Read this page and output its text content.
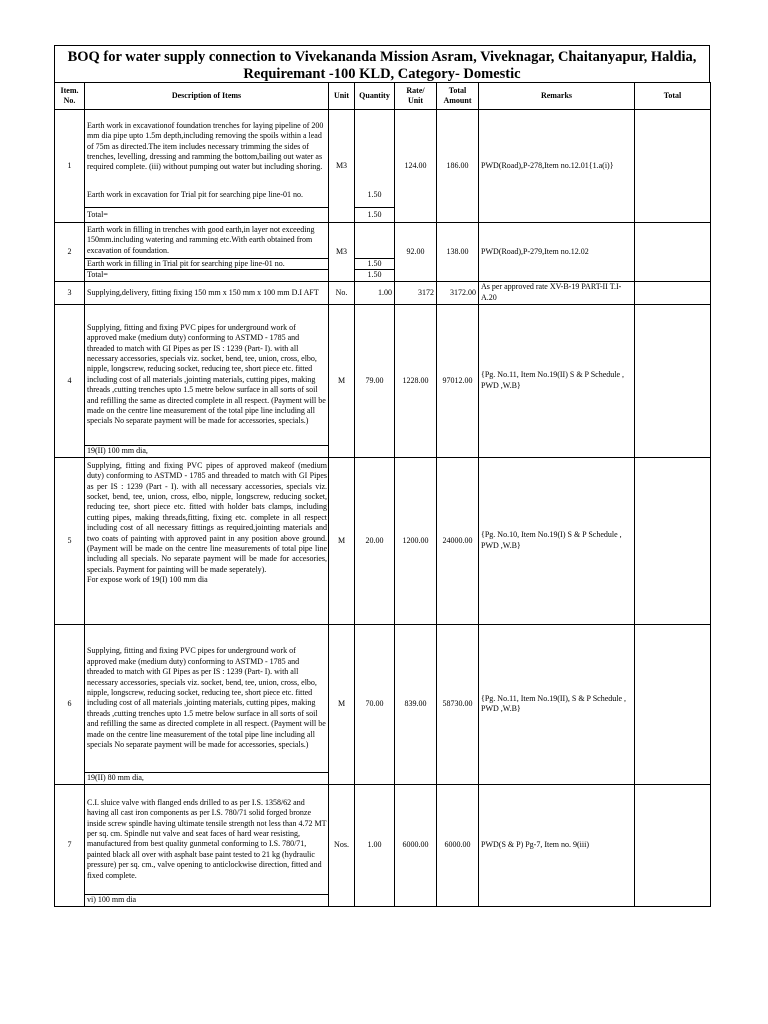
BOQ for water supply connection to Vivekananda Mission Asram, Viveknagar, Chaitanyapur, Haldia,
Requiremant -100 KLD, Category- Domestic
Item.
No.	Description of Items	Unit	Quantity	Rate/
Unit	Total
Amount	Remarks	Total
1	Earth work in excavationof foundation trenches for laying pipeline of 200 mm dia pipe upto 1.5m depth,including removing the spoils within a lead of 75m as directed.The item includes necessary trimming the sides of trenches, levelling, dressing and ramming the bottom,bailing out water as required complete. (iii) without pumping out water but including shoring.	M3		124.00	186.00	PWD(Road),P-278,Item no.12.01{1.a(i)}	
	Earth work in excavation for Trial pit for searching pipe line-01 no.		1.50				
	Total=		1.50				
2	Earth work in filling in trenches with good earth,in layer not exceeding 150mm.including watering and ramming etc.With earth obtained from excavation of foundation.	M3		92.00	138.00	PWD(Road),P-279,Item no.12.02	
	Earth work in filling in Trial pit for searching pipe line-01 no.		1.50				
	Total=		1.50				
3	Supplying,delivery, fitting fixing 150 mm x 150 mm x 100 mm D.I AFT	No.	1.00	3172	3172.00	As per approved rate XV-B-19 PART-II T.I- A.20	
4	Supplying, fitting and fixing PVC pipes for underground work of approved make (medium duty) conforming to ASTMD - 1785 and threaded to match with GI Pipes as per IS : 1239 (Part- I). with all necessary accessories, specials viz. socket, bend, tee, union, cross, elbo, nipple, longscrew, reducing socket, reducing tee, short piece etc. fitted including cost of all materials ,jointing materials, cutting pipes, making threads ,cutting trenches upto 1.5 metre below surface in all sorts of soil and refilling the same as directed complete in all respect. (Payment will be made on the centre line measurement of the total pipe line including all specials No separate payment will be made for accessories, specials.)	M	79.00	1228.00	97012.00	{Pg. No.11, Item No.19(II) S & P Schedule , PWD ,W.B}	
	19(II) 100 mm dia,						
5	Supplying, fitting and fixing PVC pipes of approved makeof (medium duty) conforming to ASTMD - 1785 and threaded to match with GI Pipes as per IS : 1239 (Part - I). with all necessary accessories, specials viz. socket, bend, tee, union, cross, elbo, nipple, longscrew, reducing socket, reducing tee, short piece etc. fitted with holder bats clamps, including cutting pipes, making threads,fitting, fixing etc. complete in all respect including cost of all necessary fittings as required,jointing materials and two coats of painting with approved paint in any position above ground. (Payment will be made on the centre line measurements of total pipe line including all specials. No separate payment will be made for accesories, specials. Payment for painting will be made seperately).
For expose work of 19(I) 100 mm dia	M	20.00	1200.00	24000.00	{Pg. No.10, Item No.19(I) S & P Schedule , PWD ,W.B}	
6	Supplying, fitting and fixing PVC pipes for underground work of approved make (medium duty) conforming to ASTMD - 1785 and threaded to match with GI Pipes as per IS : 1239 (Part- I). with all necessary accessories, specials viz. socket, bend, tee, union, cross, elbo, nipple, longscrew, reducing socket, reducing tee, short piece etc. fitted including cost of all materials ,jointing materials, cutting pipes, making threads ,cutting trenches upto 1.5 metre below surface in all sorts of soil and refilling the same as directed complete in all respect. (Payment will be made on the centre line measurement of the total pipe line including all specials No separate payment will be made for accessories, specials.)	M	70.00	839.00	58730.00	{Pg. No.11, Item No.19(II), S & P Schedule , PWD ,W.B}	
	19(II) 80 mm dia,						
7	C.I. sluice valve with flanged ends drilled to as per I.S. 1358/62 and having all cast iron components as per I.S. 780/71 solid forged bronze inside screw spindle having ultimate tensile strength not less than 4.72 MT per sq. cm. Spindle nut valve and seat faces of hard wear resisting, manufactured from best quality gunmetal conforming to I.S. 780/71, painted black all over with asphalt base paint tested to 21 kg (hydraulic pressure) per sq. cm., valve opening to anticlockwise direction, fitted and fixed complete.	Nos.	1.00	6000.00	6000.00	PWD(S & P) Pg-7, Item no. 9(iii)	
	vi) 100 mm dia						
